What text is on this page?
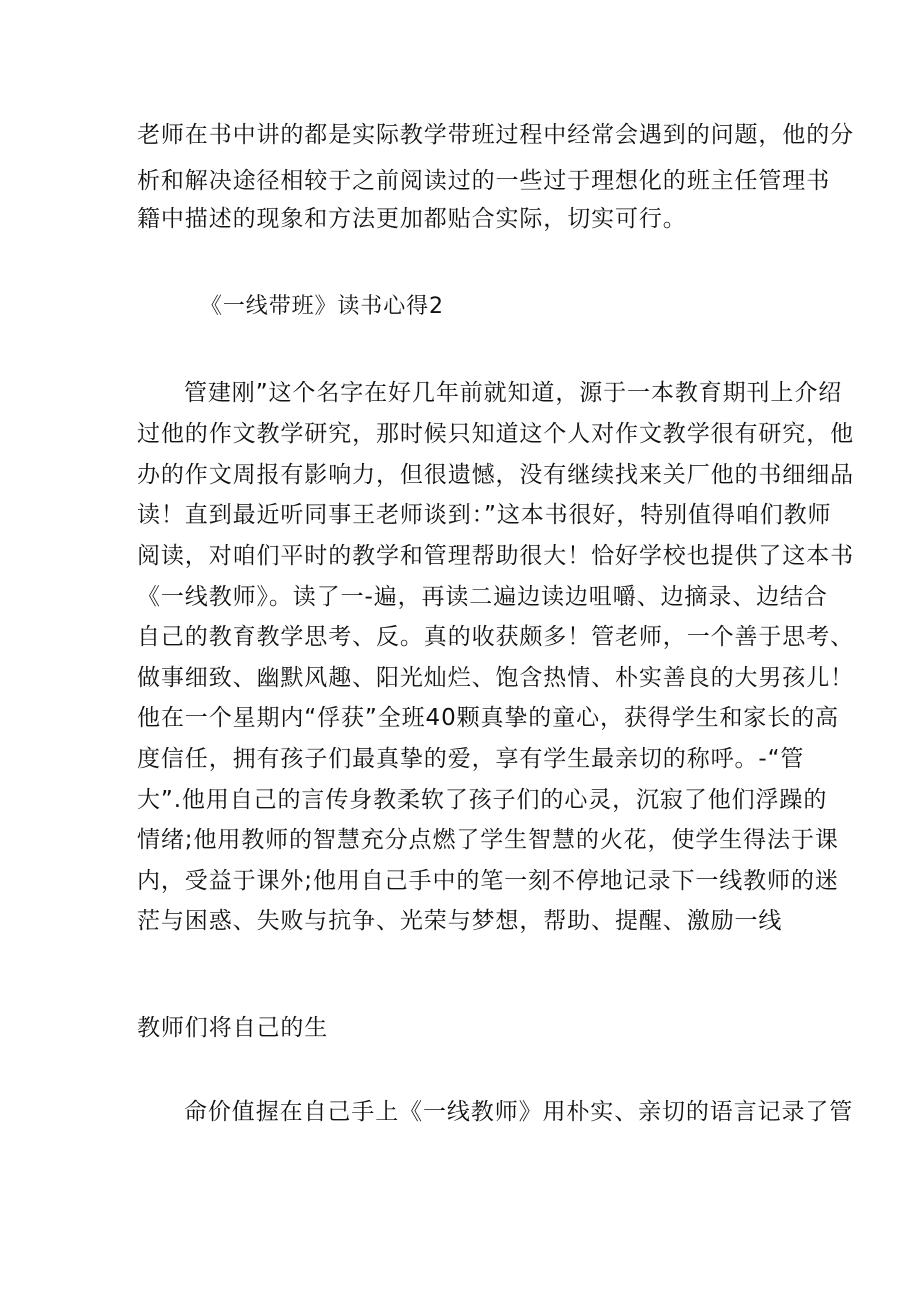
老师在书中讲的都是实际教学带班过程中经常会遇到的问题，他的分
析和解决途径相较于之前阅读过的一些过于理想化的班主任管理书
籍中描述的现象和方法更加都贴合实际，切实可行。
《一线带班》读书心得2
管建刚”这个名字在好几年前就知道，源于一本教育期刊上介绍
过他的作文教学研究，那时候只知道这个人对作文教学很有研究，他
办的作文周报有影响力，但很遗憾，没有继续找来关厂他的书细细品
读！直到最近听同事王老师谈到：”这本书很好，特别值得咱们教师
阅读，对咱们平时的教学和管理帮助很大！恰好学校也提供了这本书
《一线教师》。读了一-遍，再读二遍边读边咀嚼、边摘录、边结合
自己的教育教学思考、反。真的收获颇多！管老师，一个善于思考、
做事细致、幽默风趣、阳光灿烂、饱含热情、朴实善良的大男孩儿！
他在一个星期内“俘获”全班40颗真挚的童心，获得学生和家长的高
度信任，拥有孩子们最真挚的爱，享有学生最亲切的称呼。-“管
大”.他用自己的言传身教柔软了孩子们的心灵，沉寂了他们浮躁的
情绪;他用教师的智慧充分点燃了学生智慧的火花，使学生得法于课
内，受益于课外;他用自己手中的笔一刻不停地记录下一线教师的迷
茫与困惑、失败与抗争、光荣与梦想，帮助、提醒、激励一线
教师们将自己的生
命价值握在自己手上《一线教师》用朴实、亲切的语言记录了管
